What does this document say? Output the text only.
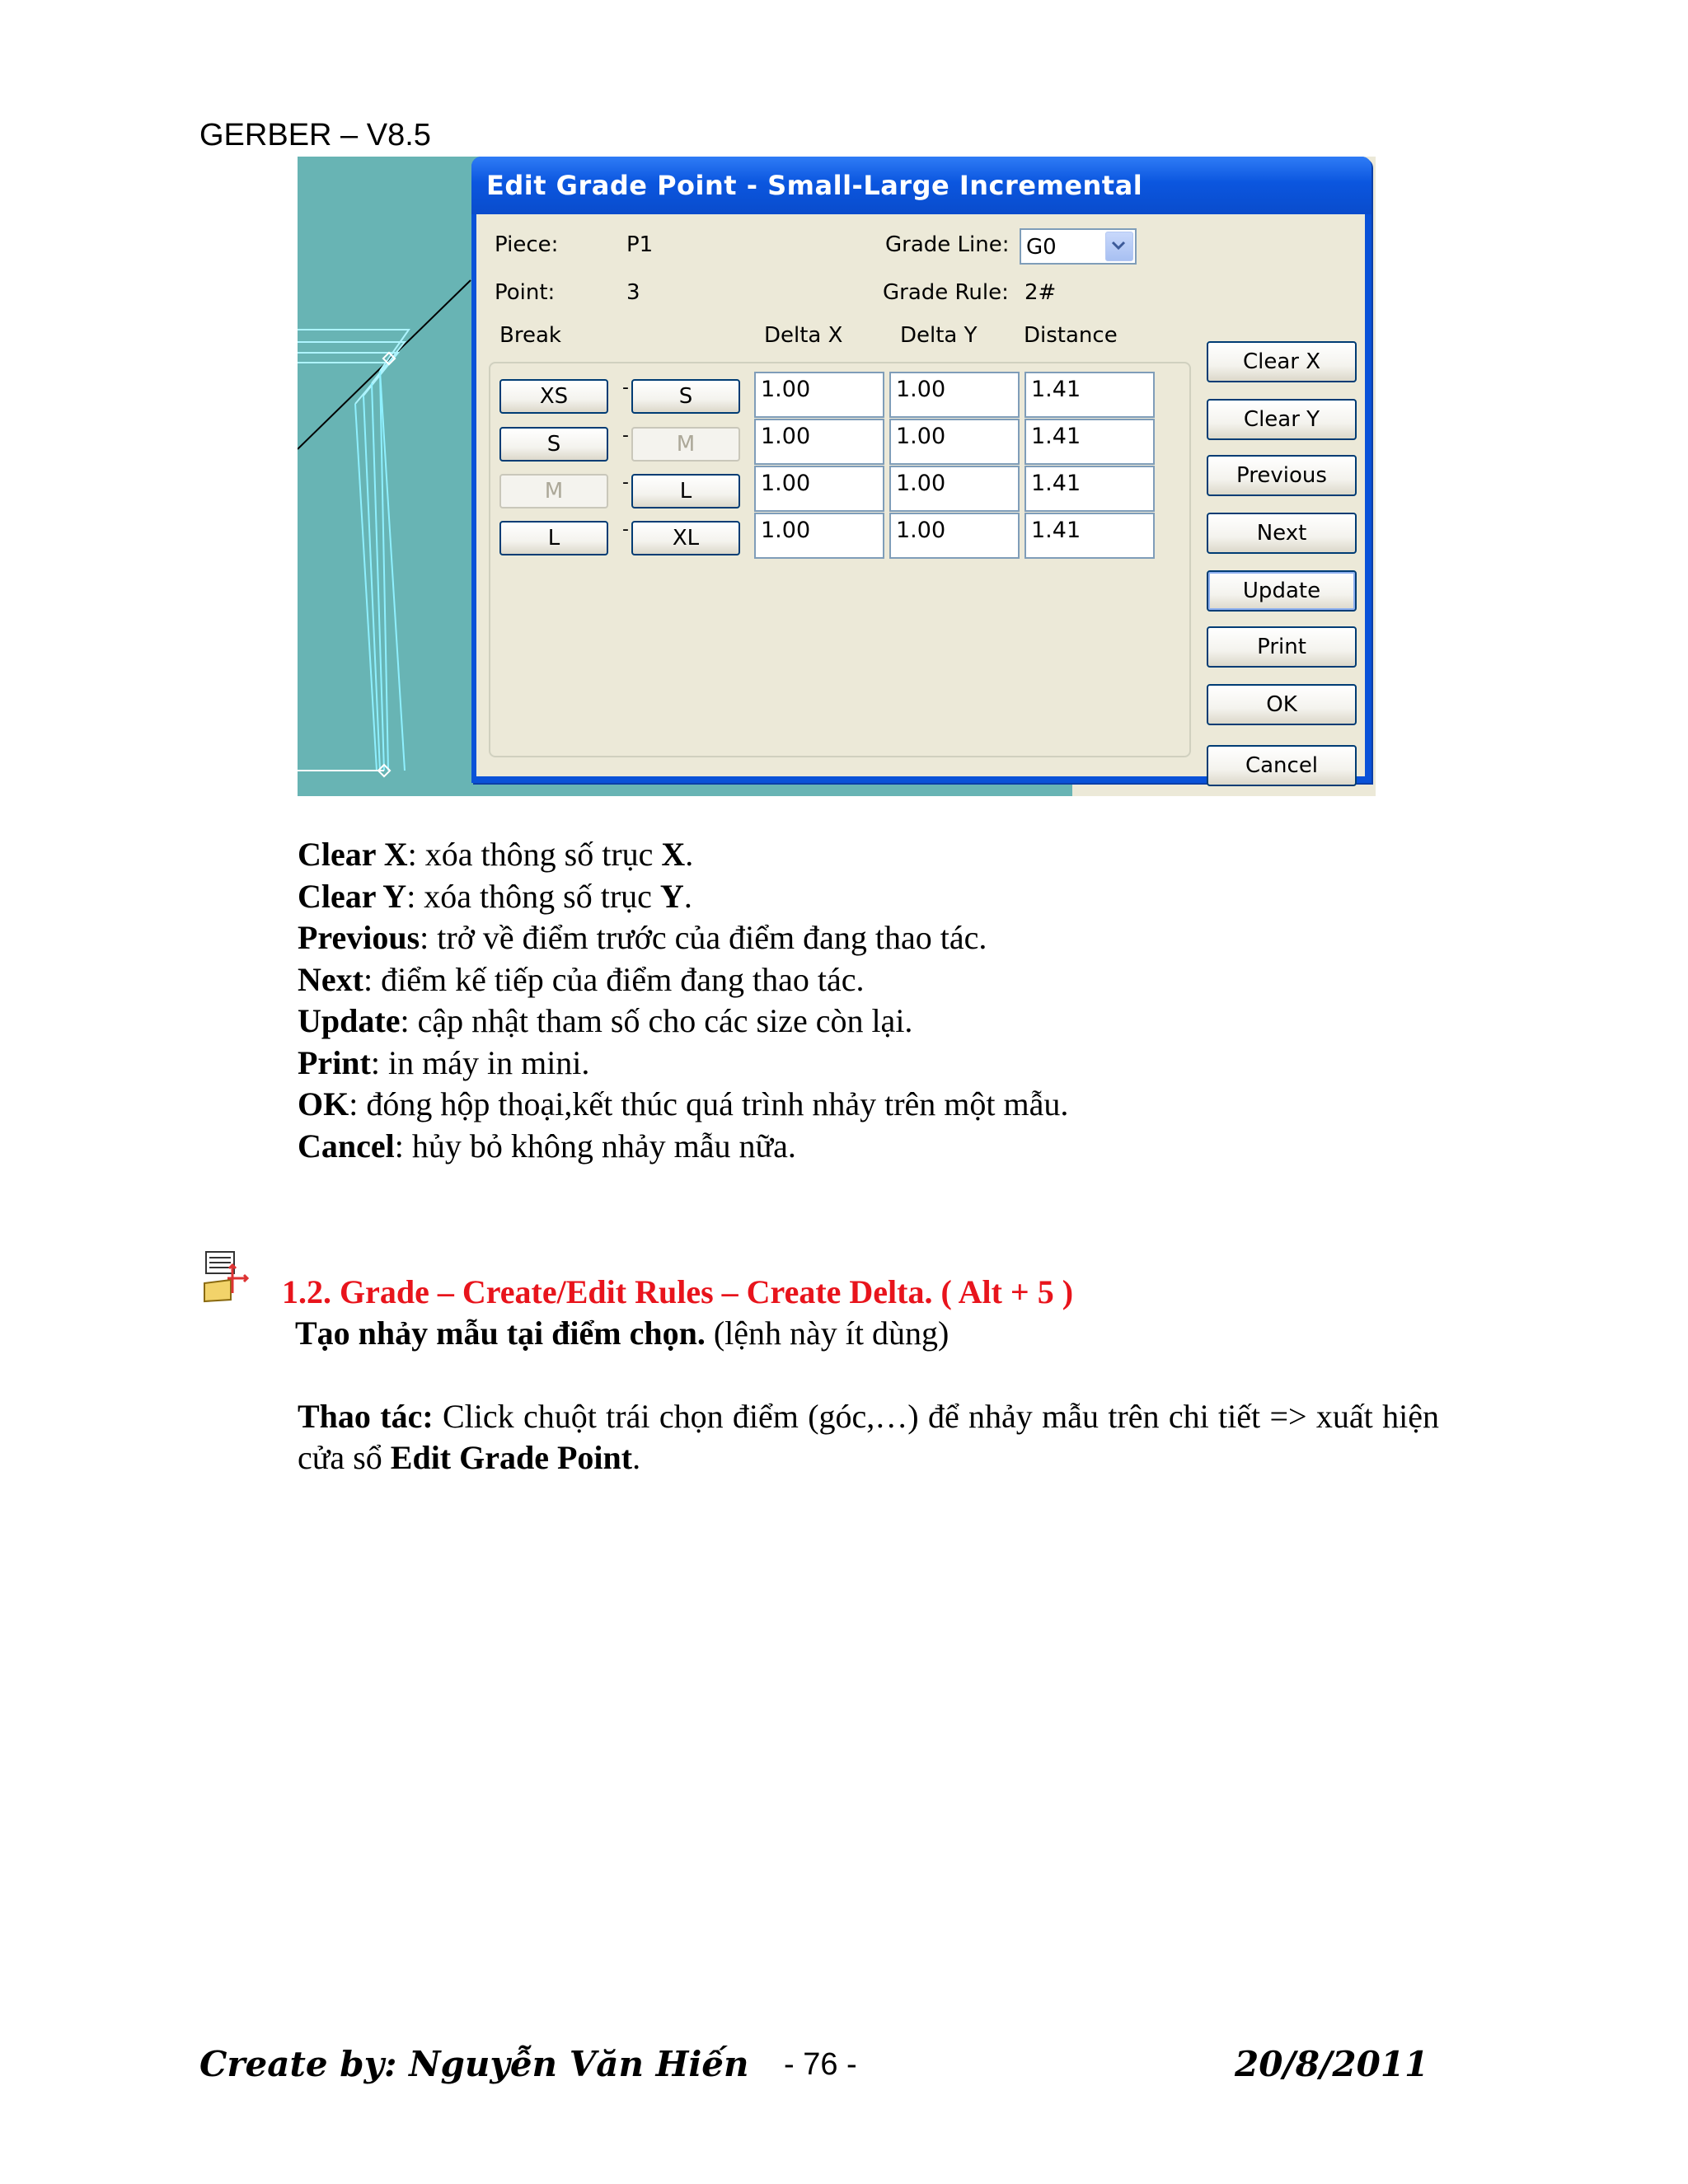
GERBER – V8.5
Edit Grade Point - Small-Large Incremental
Piece:	P1
Point:	3
Grade Line: G0
Grade Rule: 2#
Break	Delta X	Delta Y Distance
XS	- S	1.00	1.00	1.41
S	- M	1.00	1.00	1.41
M	- L	1.00	1.00	1.41
L	- XL	1.00	1.00	1.41
Clear X
Clear Y
Previous
Next
Update
Print
OK
Cancel
Clear X: xóa thông số trục X.
Clear Y: xóa thông số trục Y.
Previous: trở về điểm trước của điểm đang thao tác.
Next: điểm kế tiếp của điểm đang thao tác.
Update: cập nhật tham số cho các size còn lại.
Print: in máy in mini.
OK: đóng hộp thoại,kết thúc quá trình nhảy trên một mẫu.
Cancel: hủy bỏ không nhảy mẫu nữa.
1.2. Grade – Create/Edit Rules – Create Delta. ( Alt + 5 )
Tạo nhảy mẫu tại điểm chọn. (lệnh này ít dùng)
Thao tác: Click chuột trái chọn điểm (góc,…) để nhảy mẫu trên chi tiết => xuất hiện cửa sổ Edit Grade Point.
Create by: Nguyễn Văn Hiến - 76 -	20/8/2011
